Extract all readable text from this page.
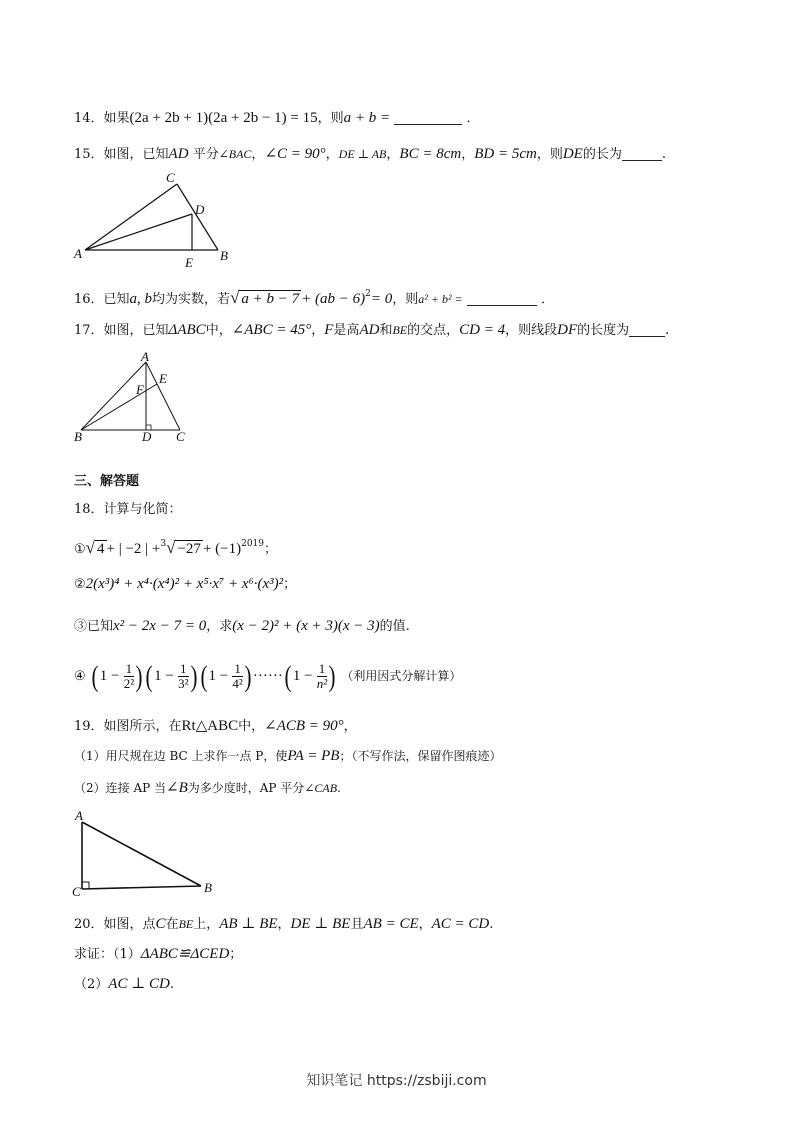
14．如果(2a + 2b + 1)(2a + 2b − 1) = 15，则a + b =	．
15．如图，已知AD 平分∠BAC，∠C = 90°，DE ⊥ AB，BC = 8cm，BD = 5cm，则DE的长为	.
A	B
C
D
E
16．已知a, b均为实数，若√ a + b − 7 + (ab − 6)$^2$= 0，则a² + b² =	．
17．如图，已知ΔABC中，∠ABC = 45°，F是高AD和BE的交点，CD = 4，则线段DF的长度为	.
A
B	C
D
E
F
三、解答题
18．计算与化简：
①√ 4 + | −2 | $+^3√ -27 + (-1)^{2019}$；
②2(x³)⁴ + x⁴·(x⁴)² + x⁵·x⁷ + x⁶·(x³)²；
③已知x² − 2x − 7 = 0，求(x − 2)² + (x + 3)(x − 3)的值.
④ ( $1 - \frac{1}{\text{2²}}$ ) ( $1 - \frac{1}{\text{3²}}$ ) ( $1 - \frac{1}{\text{4²}}$ ) ······( $1 - \frac{1}{\text{n²}}$ ) （利用因式分解计算）
19．如图所示，在Rt△ABC中，∠ACB = 90°，
（1）用尺规在边 BC 上求作一点 P，使PA = PB；（不写作法，保留作图痕迹）
（2）连接 AP 当∠B为多少度时，AP 平分∠CAB.
A
C	B
20．如图，点C在BE上，AB ⊥ BE，DE ⊥ BE且AB = CE，AC = CD.
求证：（1）ΔABC≌ΔCED；
（2）AC ⊥ CD.
知识笔记 https://zsbiji.com
